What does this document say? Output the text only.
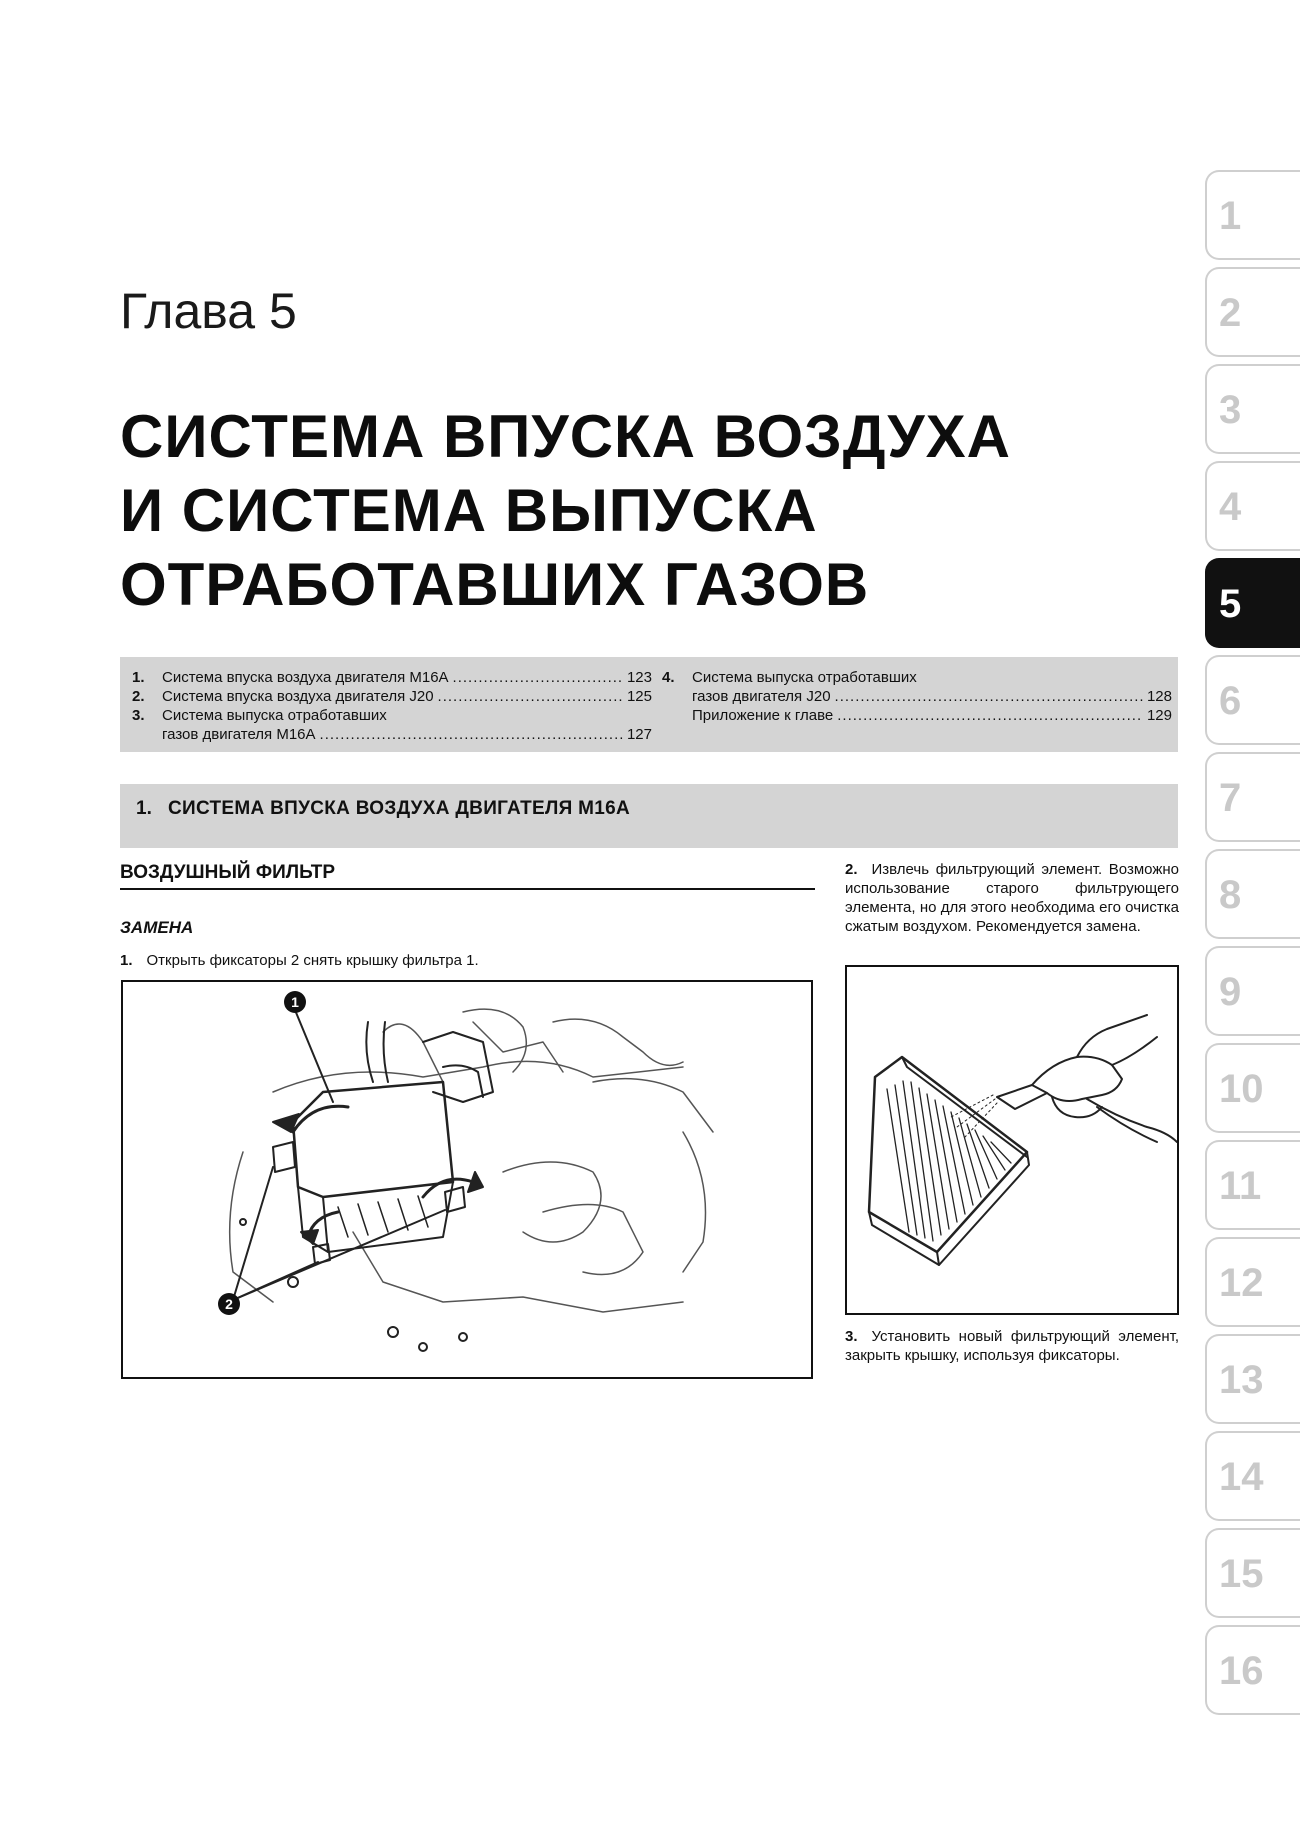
Глава 5
СИСТЕМА ВПУСКА ВОЗДУХА
И СИСТЕМА ВЫПУСКА
ОТРАБОТАВШИХ ГАЗОВ
1.	Система впуска воздуха двигателя M16A .....	123
2.	Система впуска воздуха двигателя J20 .....	125
3.	Система выпуска отработавших
газов двигателя M16A .....	127
4.	Система выпуска отработавших
газов двигателя J20 .....	128
Приложение к главе .....	129
1. СИСТЕМА ВПУСКА ВОЗДУХА ДВИГАТЕЛЯ M16A
ВОЗДУШНЫЙ ФИЛЬТР
ЗАМЕНА
1. Открыть фиксаторы 2 снять крышку фильтра 1.
1
2
2. Извлечь фильтрующий элемент. Возможно использование старого фильтрующего элемента, но для этого необходима его очистка сжатым воздухом. Рекомендуется замена.
3. Установить новый фильтрующий элемент, закрыть крышку, используя фиксаторы.
1
2
3
4
5
6
7
8
9
10
11
12
13
14
15
16
